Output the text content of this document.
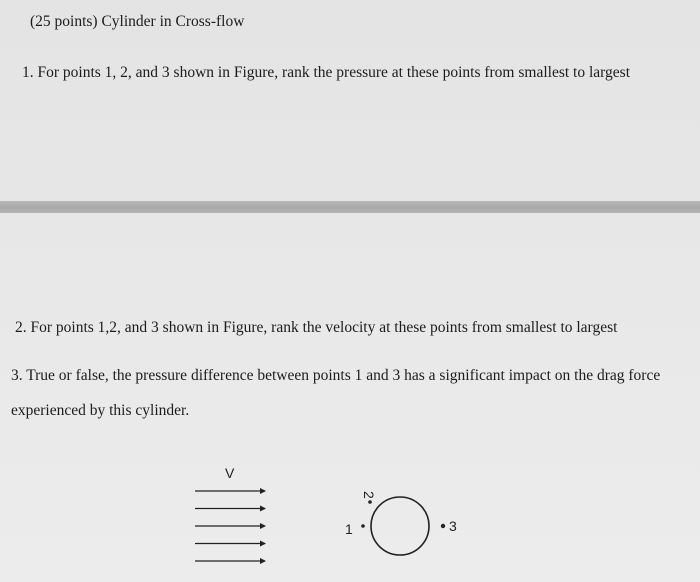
(25 points) Cylinder in Cross-flow
1. For points 1, 2, and 3 shown in Figure, rank the pressure at these points from smallest to largest
2. For points 1,2, and 3 shown in Figure, rank the velocity at these points from smallest to largest
3. True or false, the pressure difference between points 1 and 3 has a significant impact on the drag force
experienced by this cylinder.
V
2
1	3
